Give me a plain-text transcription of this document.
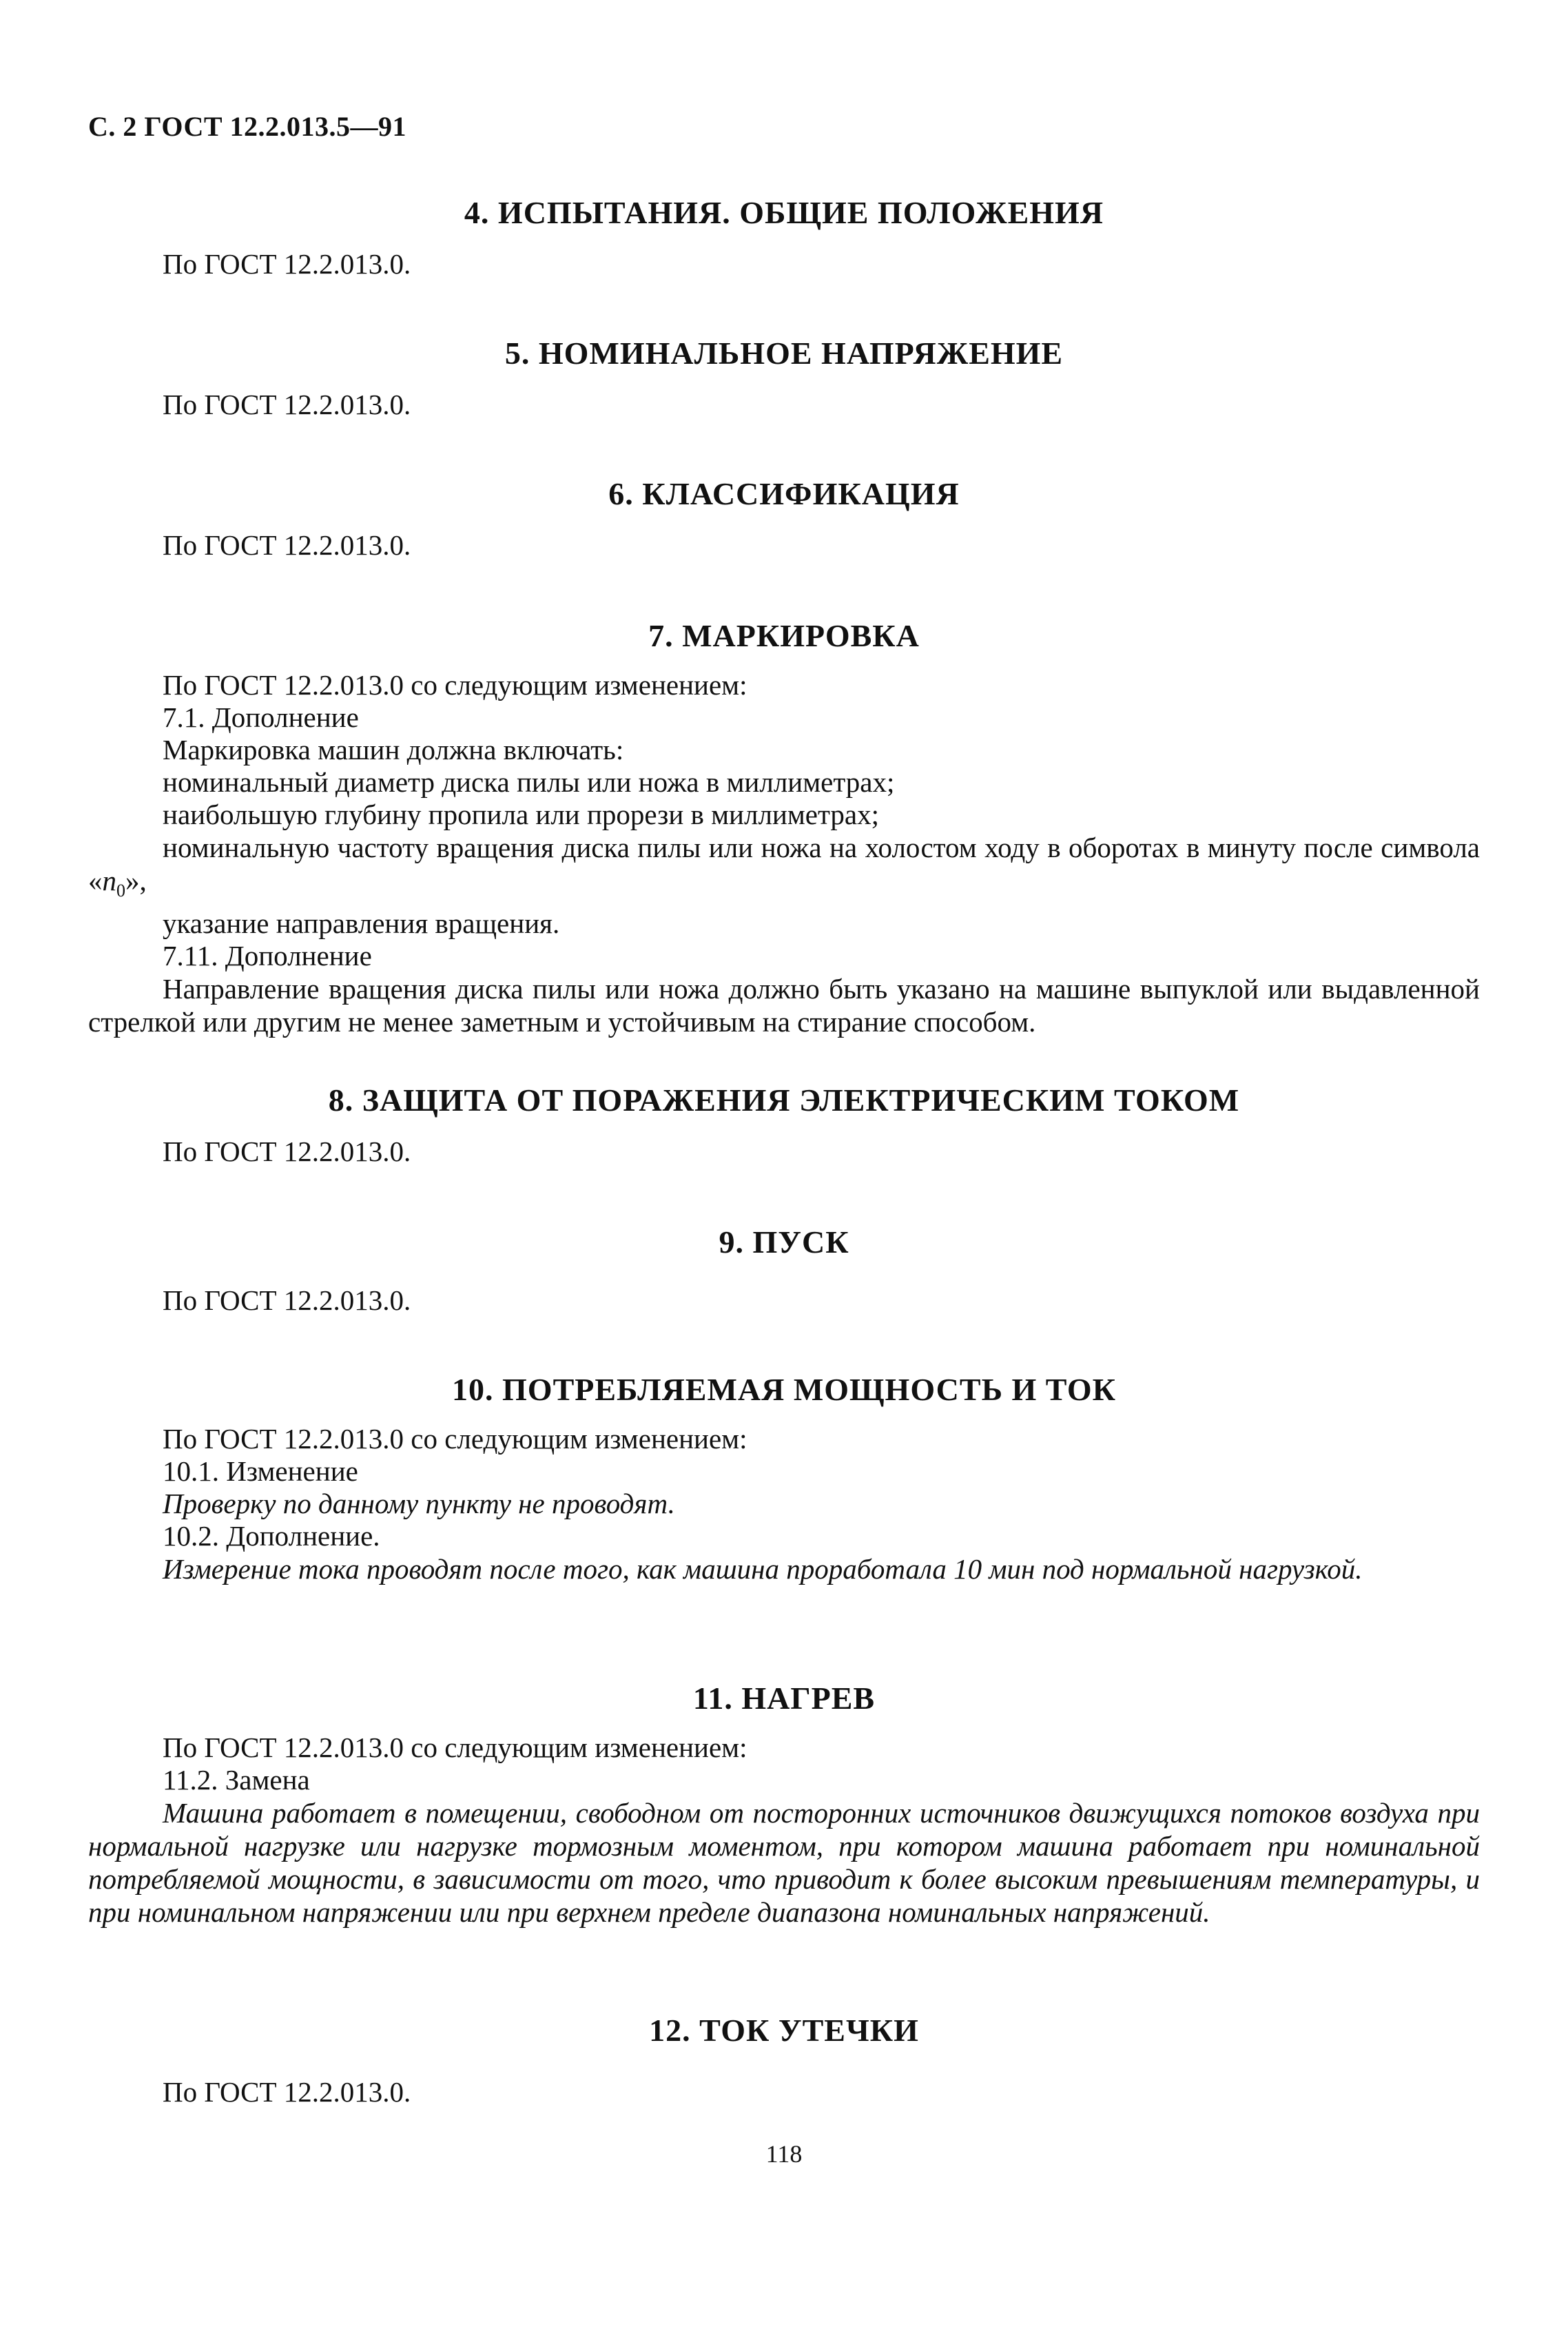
С. 2 ГОСТ 12.2.013.5—91
4. ИСПЫТАНИЯ. ОБЩИЕ ПОЛОЖЕНИЯ
По ГОСТ 12.2.013.0.
5. НОМИНАЛЬНОЕ НАПРЯЖЕНИЕ
По ГОСТ 12.2.013.0.
6. КЛАССИФИКАЦИЯ
По ГОСТ 12.2.013.0.
7. МАРКИРОВКА
По ГОСТ 12.2.013.0 со следующим изменением:
7.1. Дополнение
Маркировка машин должна включать:
номинальный диаметр диска пилы или ножа в миллиметрах;
наибольшую глубину пропила или прорези в миллиметрах;
номинальную частоту вращения диска пилы или ножа на холостом ходу в оборотах в минуту после символа «$n_0$»,
указание направления вращения.
7.11. Дополнение
Направление вращения диска пилы или ножа должно быть указано на машине выпуклой или выдавленной стрелкой или другим не менее заметным и устойчивым на стирание способом.
8. ЗАЩИТА ОТ ПОРАЖЕНИЯ ЭЛЕКТРИЧЕСКИМ ТОКОМ
По ГОСТ 12.2.013.0.
9. ПУСК
По ГОСТ 12.2.013.0.
10. ПОТРЕБЛЯЕМАЯ МОЩНОСТЬ И ТОК
По ГОСТ 12.2.013.0 со следующим изменением:
10.1. Изменение
Проверку по данному пункту не проводят.
10.2. Дополнение.
Измерение тока проводят после того, как машина проработала 10 мин под нормальной нагрузкой.
11. НАГРЕВ
По ГОСТ 12.2.013.0 со следующим изменением:
11.2. Замена
Машина работает в помещении, свободном от посторонних источников движущихся потоков воздуха при нормальной нагрузке или нагрузке тормозным моментом, при котором машина работает при номинальной потребляемой мощности, в зависимости от того, что приводит к более высоким превышениям температуры, и при номинальном напряжении или при верхнем пределе диапазона номинальных напряжений.
12. ТОК УТЕЧКИ
По ГОСТ 12.2.013.0.
118
